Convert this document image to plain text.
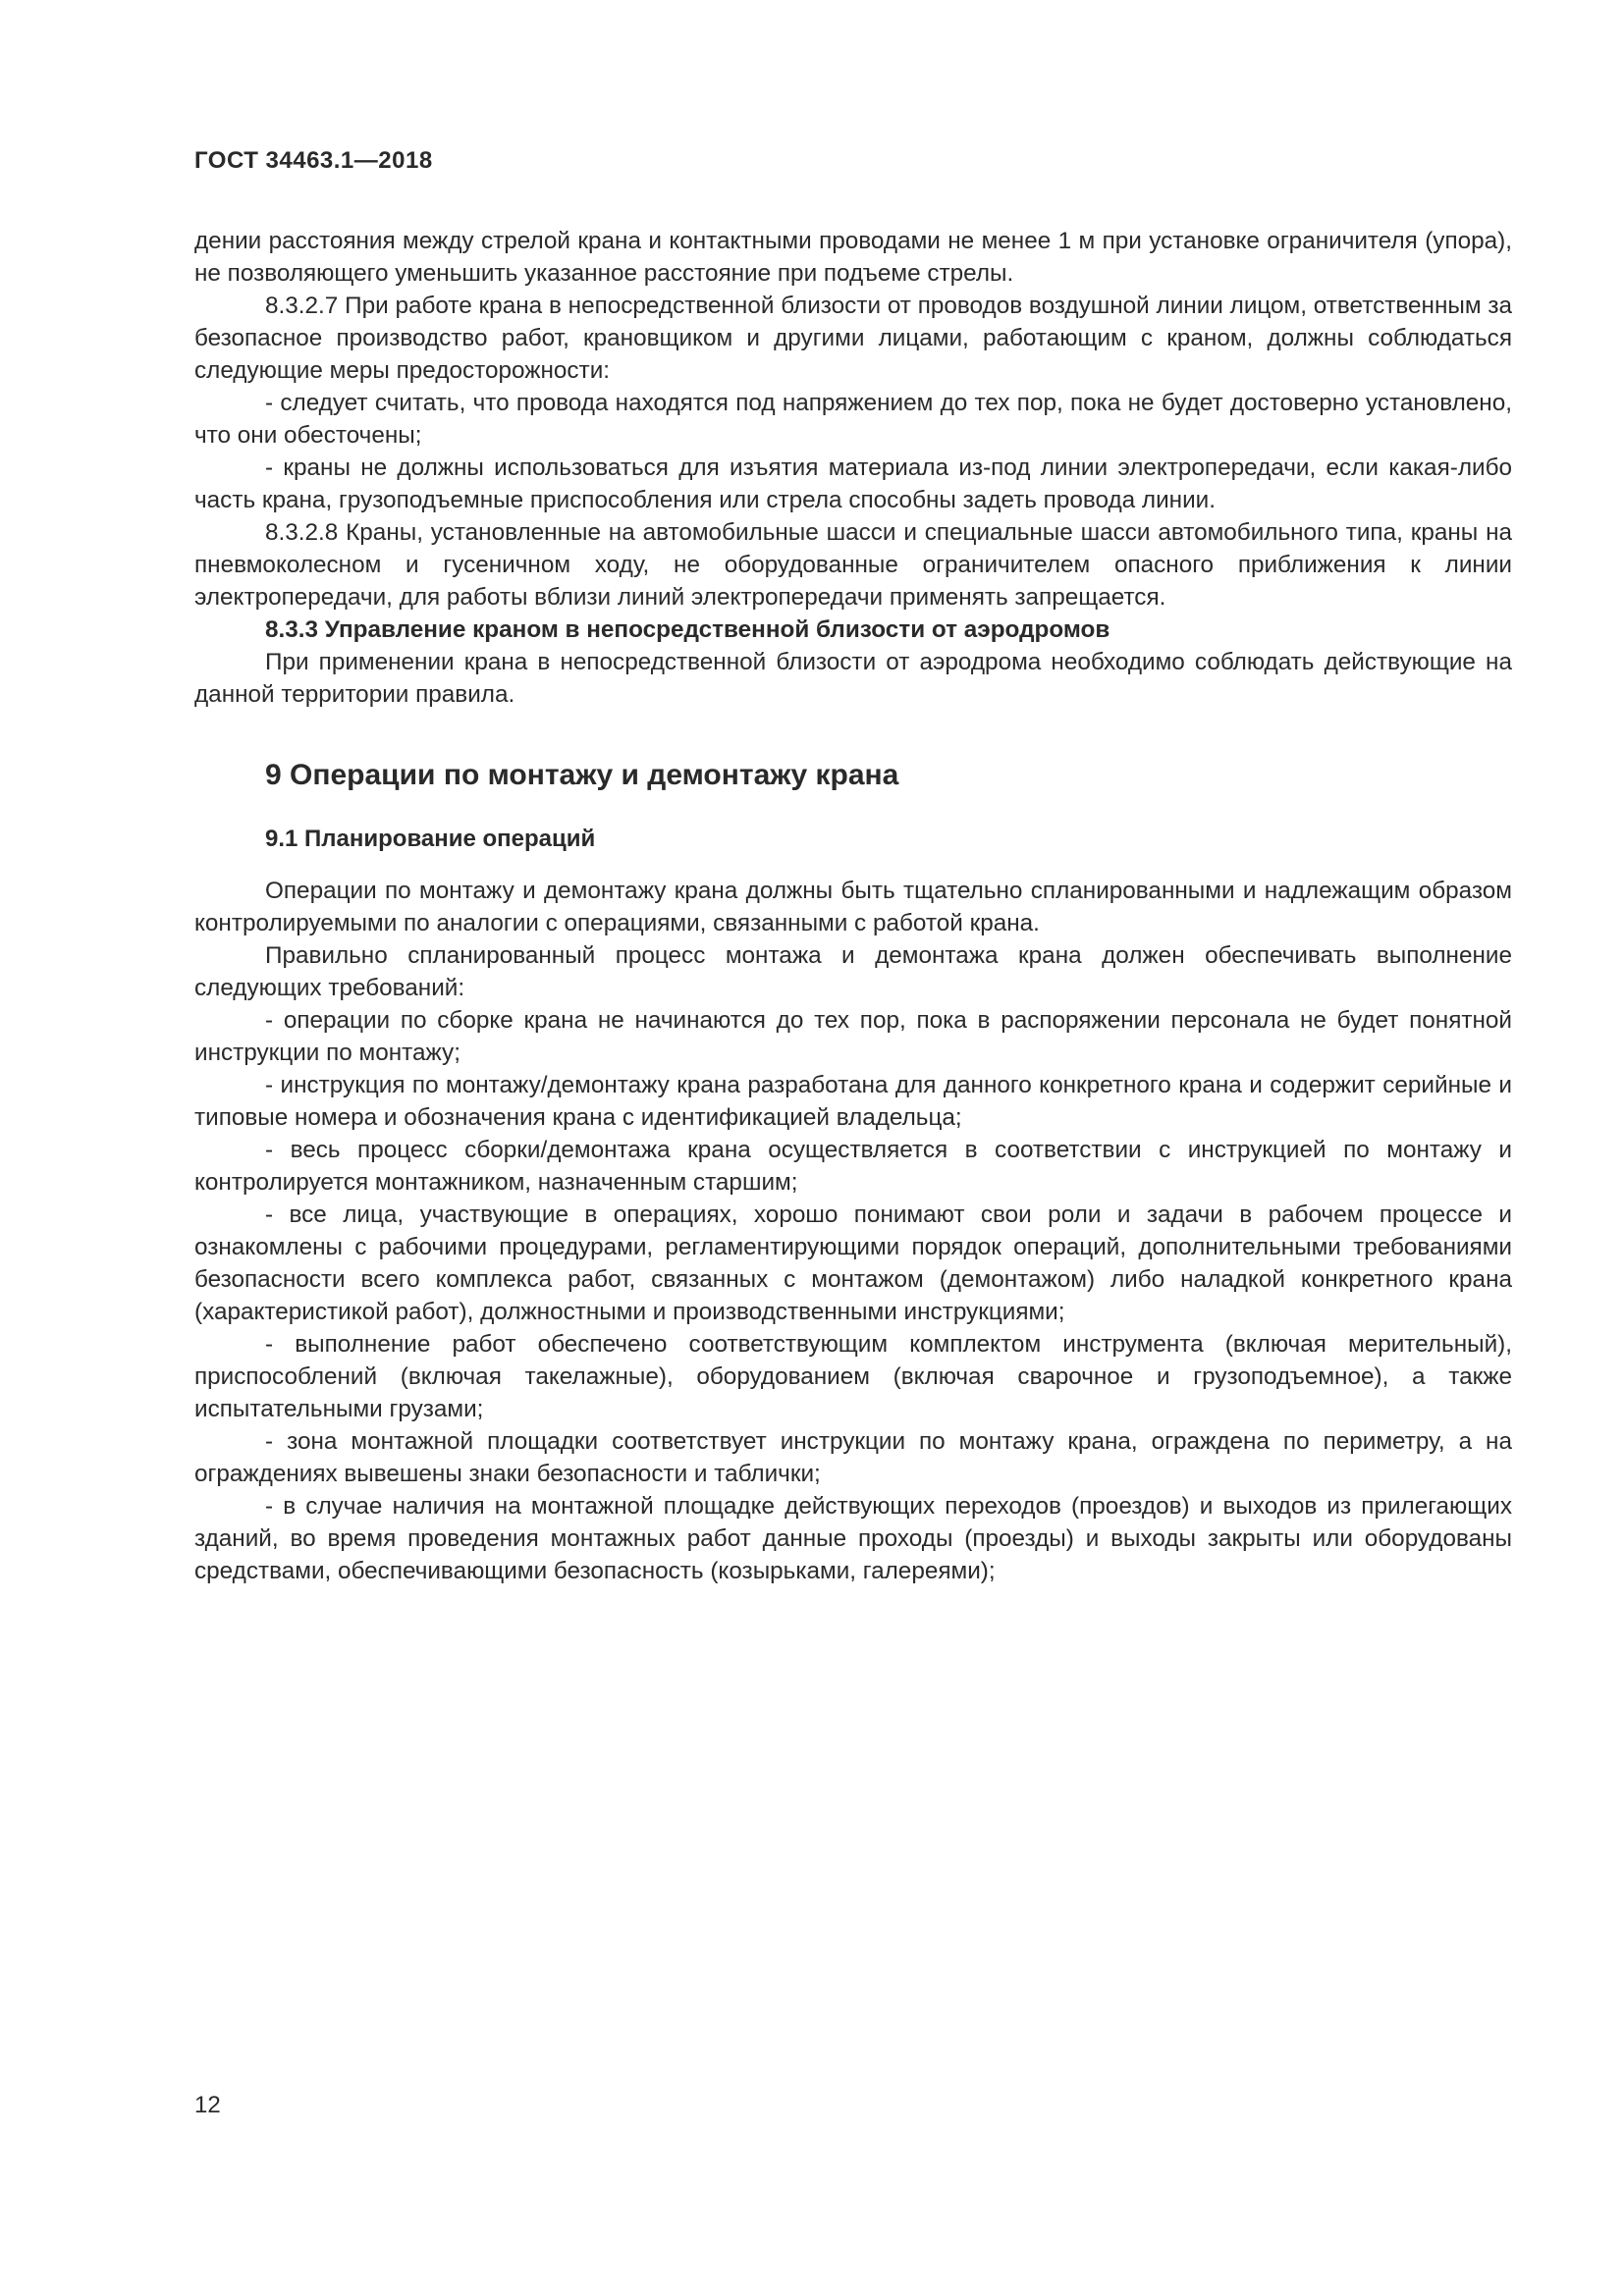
ГОСТ 34463.1—2018

дении расстояния между стрелой крана и контактными проводами не менее 1 м при установке ограничителя (упора), не позволяющего уменьшить указанное расстояние при подъеме стрелы.

8.3.2.7 При работе крана в непосредственной близости от проводов воздушной линии лицом, ответственным за безопасное производство работ, крановщиком и другими лицами, работающим с краном, должны соблюдаться следующие меры предосторожности:

- следует считать, что провода находятся под напряжением до тех пор, пока не будет достоверно установлено, что они обесточены;

- краны не должны использоваться для изъятия материала из-под линии электропередачи, если какая-либо часть крана, грузоподъемные приспособления или стрела способны задеть провода линии.

8.3.2.8 Краны, установленные на автомобильные шасси и специальные шасси автомобильного типа, краны на пневмоколесном и гусеничном ходу, не оборудованные ограничителем опасного приближения к линии электропередачи, для работы вблизи линий электропередачи применять запрещается.

8.3.3 Управление краном в непосредственной близости от аэродромов

При применении крана в непосредственной близости от аэродрома необходимо соблюдать действующие на данной территории правила.

9 Операции по монтажу и демонтажу крана
9.1 Планирование операций

Операции по монтажу и демонтажу крана должны быть тщательно спланированными и надлежащим образом контролируемыми по аналогии с операциями, связанными с работой крана.

Правильно спланированный процесс монтажа и демонтажа крана должен обеспечивать выполнение следующих требований:

- операции по сборке крана не начинаются до тех пор, пока в распоряжении персонала не будет понятной инструкции по монтажу;

- инструкция по монтажу/демонтажу крана разработана для данного конкретного крана и содержит серийные и типовые номера и обозначения крана с идентификацией владельца;

- весь процесс сборки/демонтажа крана осуществляется в соответствии с инструкцией по монтажу и контролируется монтажником, назначенным старшим;

- все лица, участвующие в операциях, хорошо понимают свои роли и задачи в рабочем процессе и ознакомлены с рабочими процедурами, регламентирующими порядок операций, дополнительными требованиями безопасности всего комплекса работ, связанных с монтажом (демонтажом) либо наладкой конкретного крана (характеристикой работ), должностными и производственными инструкциями;

- выполнение работ обеспечено соответствующим комплектом инструмента (включая мерительный), приспособлений (включая такелажные), оборудованием (включая сварочное и грузоподъемное), а также испытательными грузами;

- зона монтажной площадки соответствует инструкции по монтажу крана, ограждена по периметру, а на ограждениях вывешены знаки безопасности и таблички;

- в случае наличия на монтажной площадке действующих переходов (проездов) и выходов из прилегающих зданий, во время проведения монтажных работ данные проходы (проезды) и выходы закрыты или оборудованы средствами, обеспечивающими безопасность (козырьками, галереями);

12
